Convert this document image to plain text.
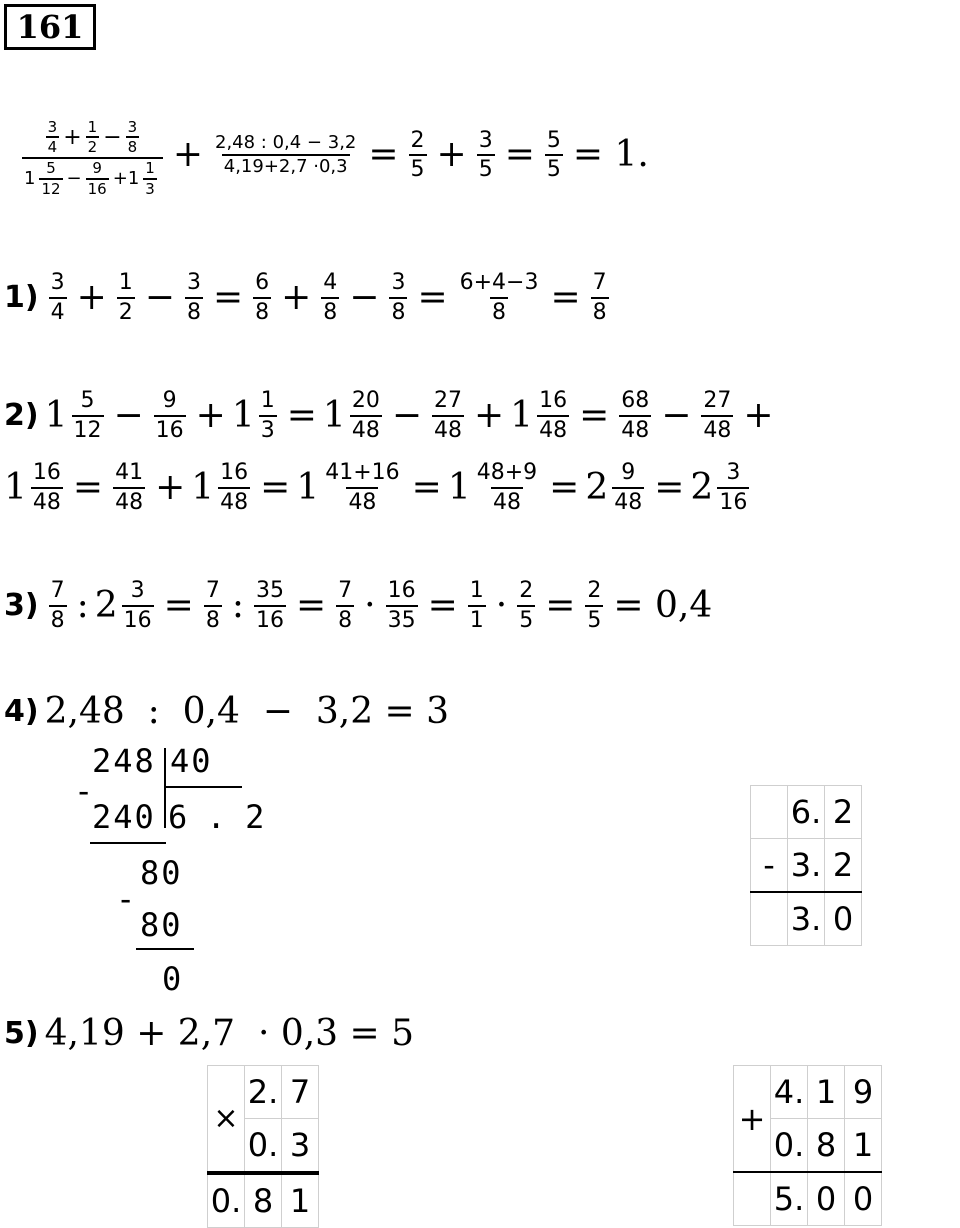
161
$\frac{\frac{3}{4} + \frac{1}{2} - \frac{3}{8}}{1 \frac{5}{12} - \frac{9}{16} + 1 \frac{1}{3}} + \frac{2,48 : 0,4 - 3,2}{4,19+2,7 \cdot 0,3} = \frac{2}{5} + \frac{3}{5} = \frac{5}{5} = 1$.
$1) \frac{3}{4} + \frac{1}{2} - \frac{3}{8} = \frac{6}{8} + \frac{4}{8} - \frac{3}{8} = \frac{6+4-3}{8} = \frac{7}{8}$
2) $1 \frac{5}{12} - \frac{9}{16} + 1 \frac{1}{3} = 1 \frac{20}{48} - \frac{27}{48} + 1 \frac{16}{48} = \frac{68}{48} - \frac{27}{48}$ +
$1 \frac{16}{48} = \frac{41}{48} + 1 \frac{16}{48} = 1 \frac{41+16}{48} = 1 \frac{48+9}{48} = 2 \frac{9}{48} = 2 \frac{3}{16}$
$3) \frac{7}{8}$ : $2 \frac{3}{16} = \frac{7}{8}$ : $\frac{35}{16} = \frac{7}{8} \cdot \frac{16}{35} = \frac{1}{1} \cdot \frac{2}{5} = \frac{2}{5} = 0,4$
4) 2,48  :  0,4  −  3,2 = 3
248 40
-
240 6 . 2
80
-
80
0
	6.	2
-	3.	2
	3.	0
5) 4,19 + 2,7  · 0,3 = 5
×	2.	7
	0.	3
0.	8	1
+	4.	1	9
	0.	8	1
	5.	0	0
